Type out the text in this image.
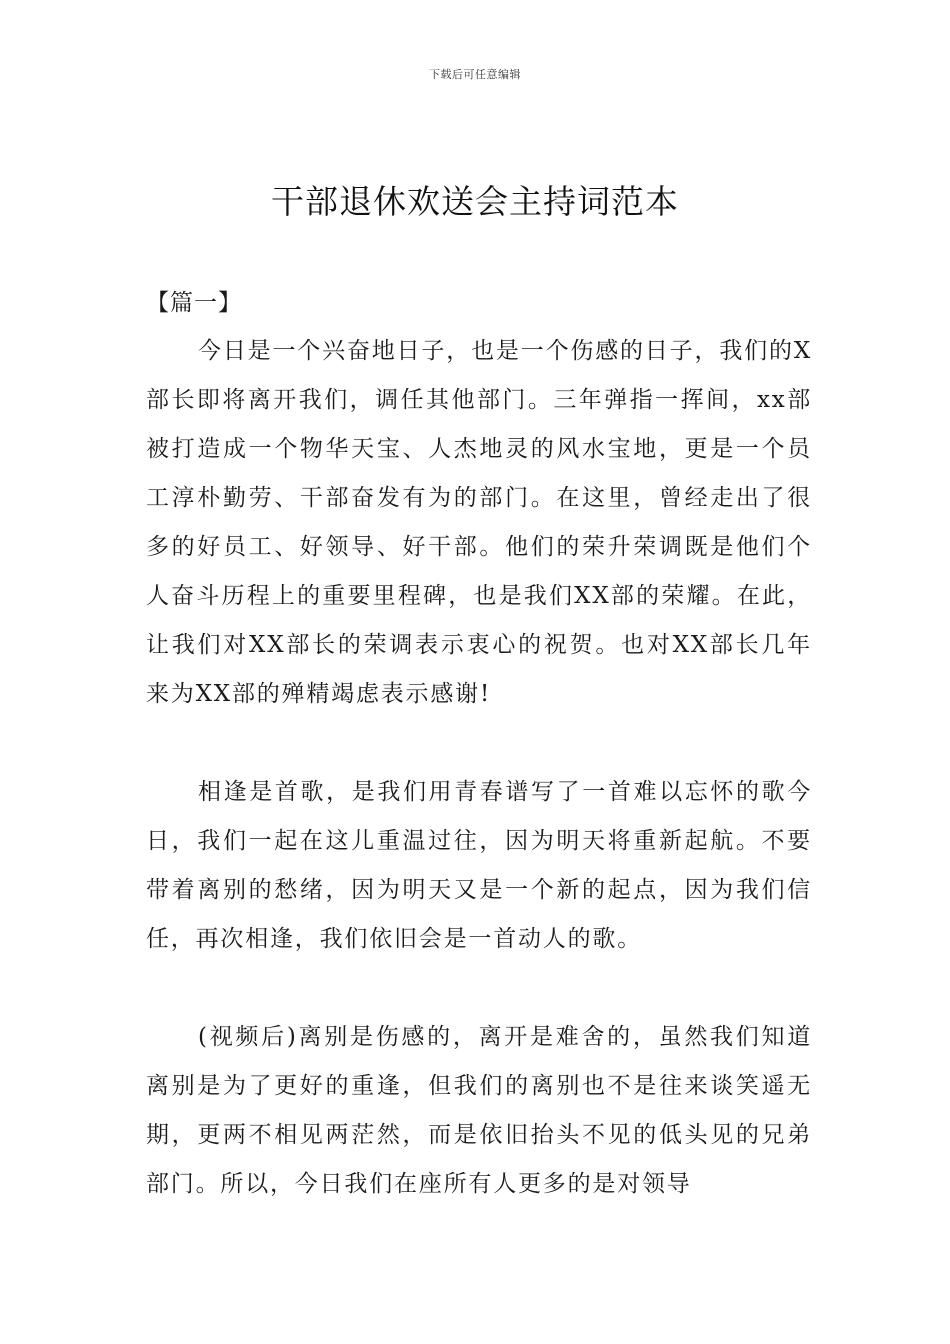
下载后可任意编辑
干部退休欢送会主持词范本

【篇一】

今日是一个兴奋地日子，也是一个伤感的日子，我们的X部长即将离开我们，调任其他部门。三年弹指一挥间，xx部被打造成一个物华天宝、人杰地灵的风水宝地，更是一个员工淳朴勤劳、干部奋发有为的部门。在这里，曾经走出了很多的好员工、好领导、好干部。他们的荣升荣调既是他们个人奋斗历程上的重要里程碑，也是我们XX部的荣耀。在此，让我们对XX部长的荣调表示衷心的祝贺。也对XX部长几年来为XX部的殚精竭虑表示感谢!

相逢是首歌，是我们用青春谱写了一首难以忘怀的歌今日，我们一起在这儿重温过往，因为明天将重新起航。不要带着离别的愁绪，因为明天又是一个新的起点，因为我们信任，再次相逢，我们依旧会是一首动人的歌。

(视频后)离别是伤感的，离开是难舍的，虽然我们知道离别是为了更好的重逢，但我们的离别也不是往来谈笑遥无期，更两不相见两茫然，而是依旧抬头不见的低头见的兄弟部门。所以，今日我们在座所有人更多的是对领导
